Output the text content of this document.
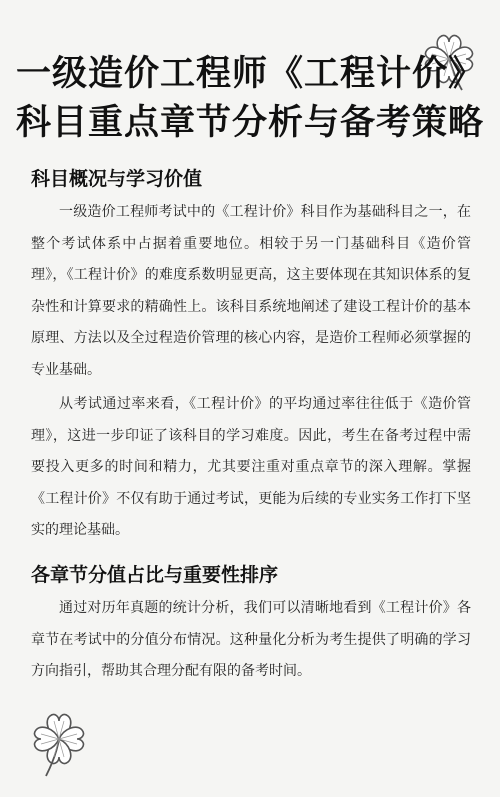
一级造价工程师《工程计价》
科目重点章节分析与备考策略
科目概况与学习价值

一级造价工程师考试中的《工程计价》科目作为基础科目之一，在整个考试体系中占据着重要地位。相较于另一门基础科目《造价管理》，《工程计价》的难度系数明显更高，这主要体现在其知识体系的复杂性和计算要求的精确性上。该科目系统地阐述了建设工程计价的基本原理、方法以及全过程造价管理的核心内容，是造价工程师必须掌握的专业基础。

从考试通过率来看，《工程计价》的平均通过率往往低于《造价管理》，这进一步印证了该科目的学习难度。因此，考生在备考过程中需要投入更多的时间和精力，尤其要注重对重点章节的深入理解。掌握《工程计价》不仅有助于通过考试，更能为后续的专业实务工作打下坚实的理论基础。

各章节分值占比与重要性排序

通过对历年真题的统计分析，我们可以清晰地看到《工程计价》各章节在考试中的分值分布情况。这种量化分析为考生提供了明确的学习方向指引，帮助其合理分配有限的备考时间。
